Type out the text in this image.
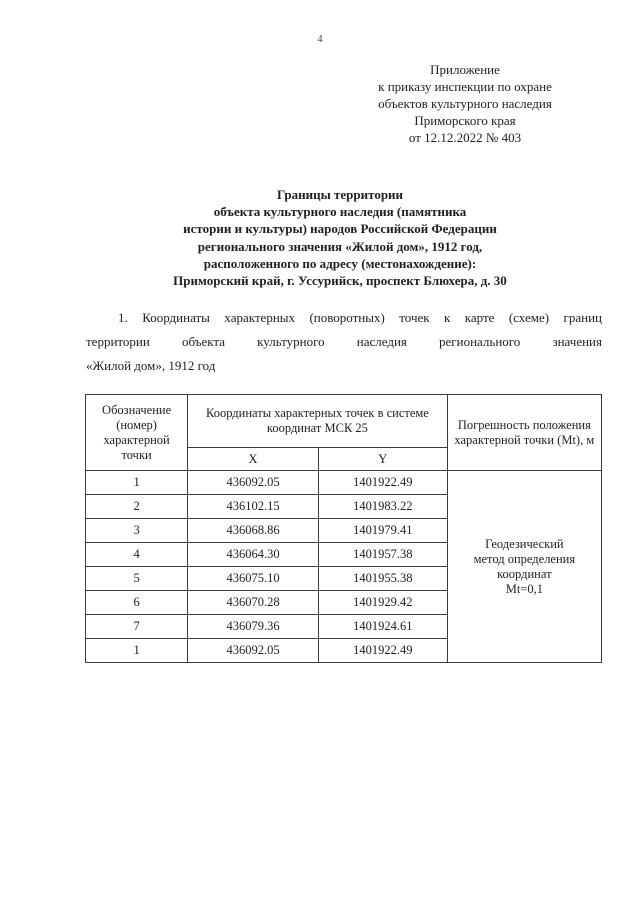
4
Приложение
к приказу инспекции по охране
объектов культурного наследия
Приморского края
от 12.12.2022 № 403
Границы территории
объекта культурного наследия (памятника
истории и культуры) народов Российской Федерации
регионального значения «Жилой дом», 1912 год,
расположенного по адресу (местонахождение):
Приморский край, г. Уссурийск, проспект Блюхера, д. 30
1. Координаты характерных (поворотных) точек к карте (схеме) границ
территории объекта культурного наследия регионального значения
«Жилой дом», 1912 год
Обозначение (номер) характерной точки	Координаты характерных точек в системе координат МСК 25		Погрешность положения характерной точки (Mt), м
	X	Y	
1	436092.05	1401922.49	Геодезический
метод определения
координат
Mt=0,1

2	436102.15	1401983.22	
3	436068.86	1401979.41	
4	436064.30	1401957.38	
5	436075.10	1401955.38	
6	436070.28	1401929.42	
7	436079.36	1401924.61	
1	436092.05	1401922.49	
